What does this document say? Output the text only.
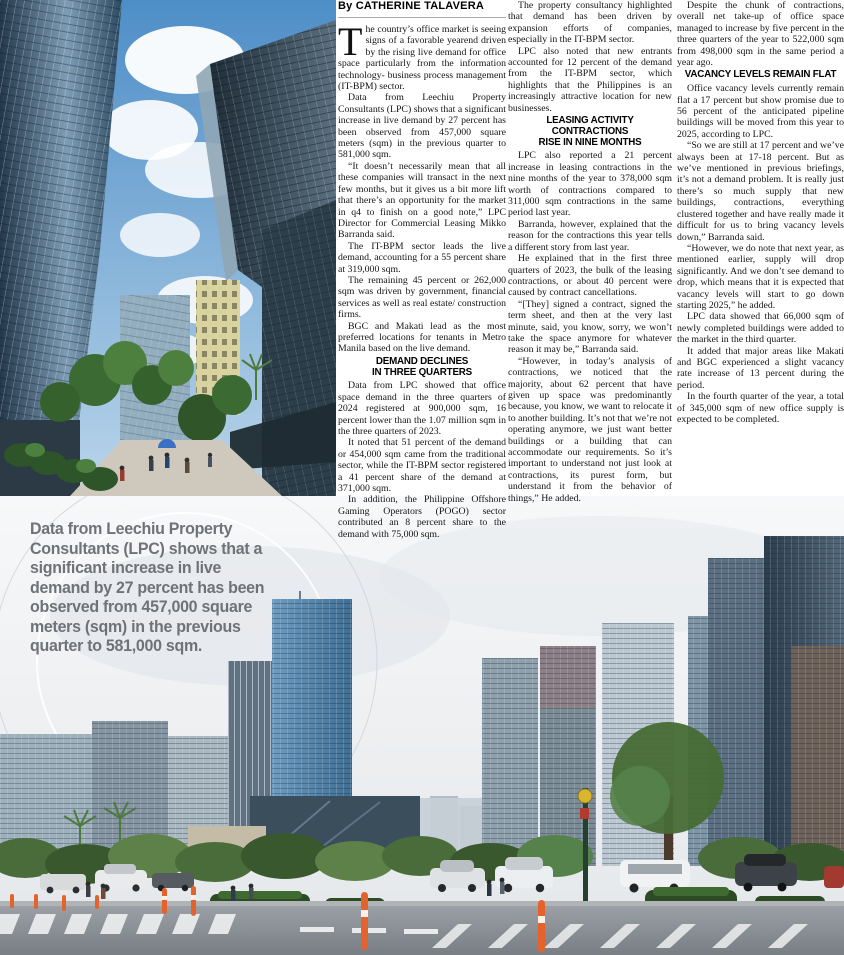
Data from Leechiu Property Consultants (LPC) shows that a significant increase in live demand by 27 percent has been observed from 457,000 square meters (sqm) in the previous quarter to 581,000 sqm.
By CATHERINE TALAVERA

The country’s office market is seeing signs of a favorable yearend driven by the rising live demand for office space particularly from the information technology- business process management (IT-BPM) sector.

Data from Leechiu Property Consultants (LPC) shows that a significant increase in live demand by 27 percent has been observed from 457,000 square meters (sqm) in the previous quarter to 581,000 sqm.

“It doesn’t necessarily mean that all these companies will transact in the next few months, but it gives us a bit more lift that there’s an opportunity for the market in q4 to finish on a good note,” LPC Director for Commercial Leasing Mikko Barranda said.

The IT-BPM sector leads the live demand, accounting for a 55 percent share at 319,000 sqm.

The remaining 45 percent or 262,000 sqm was driven by government, financial services as well as real estate/ construction firms.

BGC and Makati lead as the most preferred locations for tenants in Metro Manila based on the live demand.

DEMAND DECLINES
IN THREE QUARTERS

Data from LPC showed that office space demand in the three quarters of 2024 registered at 900,000 sqm, 16 percent lower than the 1.07 million sqm in the three quarters of 2023.

It noted that 51 percent of the demand or 454,000 sqm came from the traditional sector, while the IT-BPM sector registered a 41 percent share of the demand at 371,000 sqm.

In addition, the Philippine Offshore Gaming Operators (POGO) sector contributed an 8 percent share to the demand with 75,000 sqm.

The property consultancy highlighted that demand has been driven by expansion efforts of companies, especially in the IT-BPM sector.

LPC also noted that new entrants accounted for 12 percent of the demand from the IT-BPM sector, which highlights that the Philippines is an increasingly attractive location for new businesses.

LEASING ACTIVITY CONTRACTIONS
RISE IN NINE MONTHS

LPC also reported a 21 percent increase in leasing contractions in the nine months of the year to 378,000 sqm worth of contractions compared to 311,000 sqm contractions in the same period last year.

Barranda, however, explained that the reason for the contractions this year tells a different story from last year.

He explained that in the first three quarters of 2023, the bulk of the leasing contractions, or about 40 percent were caused by contract cancellations.

“[They] signed a contract, signed the term sheet, and then at the very last minute, said, you know, sorry, we won’t take the space anymore for whatever reason it may be,” Barranda said.

“However, in today’s analysis of contractions, we noticed that the majority, about 62 percent that have given up space was predominantly because, you know, we want to relocate it to another building. It’s not that we’re not operating anymore, we just want better buildings or a building that can accommodate our requirements. So it’s important to understand not just look at contractions, its purest form, but understand it from the behavior of things,” He added.

Despite the chunk of contractions, overall net take-up of office space managed to increase by five percent in the three quarters of the year to 522,000 sqm from 498,000 sqm in the same period a year ago.

VACANCY LEVELS REMAIN FLAT

Office vacancy levels currently remain flat a 17 percent but show promise due to 56 percent of the anticipated pipeline buildings will be moved from this year to 2025, according to LPC.

“So we are still at 17 percent and we’ve always been at 17-18 percent. But as we’ve mentioned in previous briefings, it’s not a demand problem. It is really just there’s so much supply that new buildings, contractions, everything clustered together and have really made it difficult for us to bring vacancy levels down,” Barranda said.

“However, we do note that next year, as mentioned earlier, supply will drop significantly. And we don’t see demand to drop, which means that it is expected that vacancy levels will start to go down starting 2025,” he added.

LPC data showed that 66,000 sqm of newly completed buildings were added to the market in the third quarter.

It added that major areas like Makati and BGC experienced a slight vacancy rate increase of 13 percent during the period.

In the fourth quarter of the year, a total of 345,000 sqm of new office supply is expected to be completed.
